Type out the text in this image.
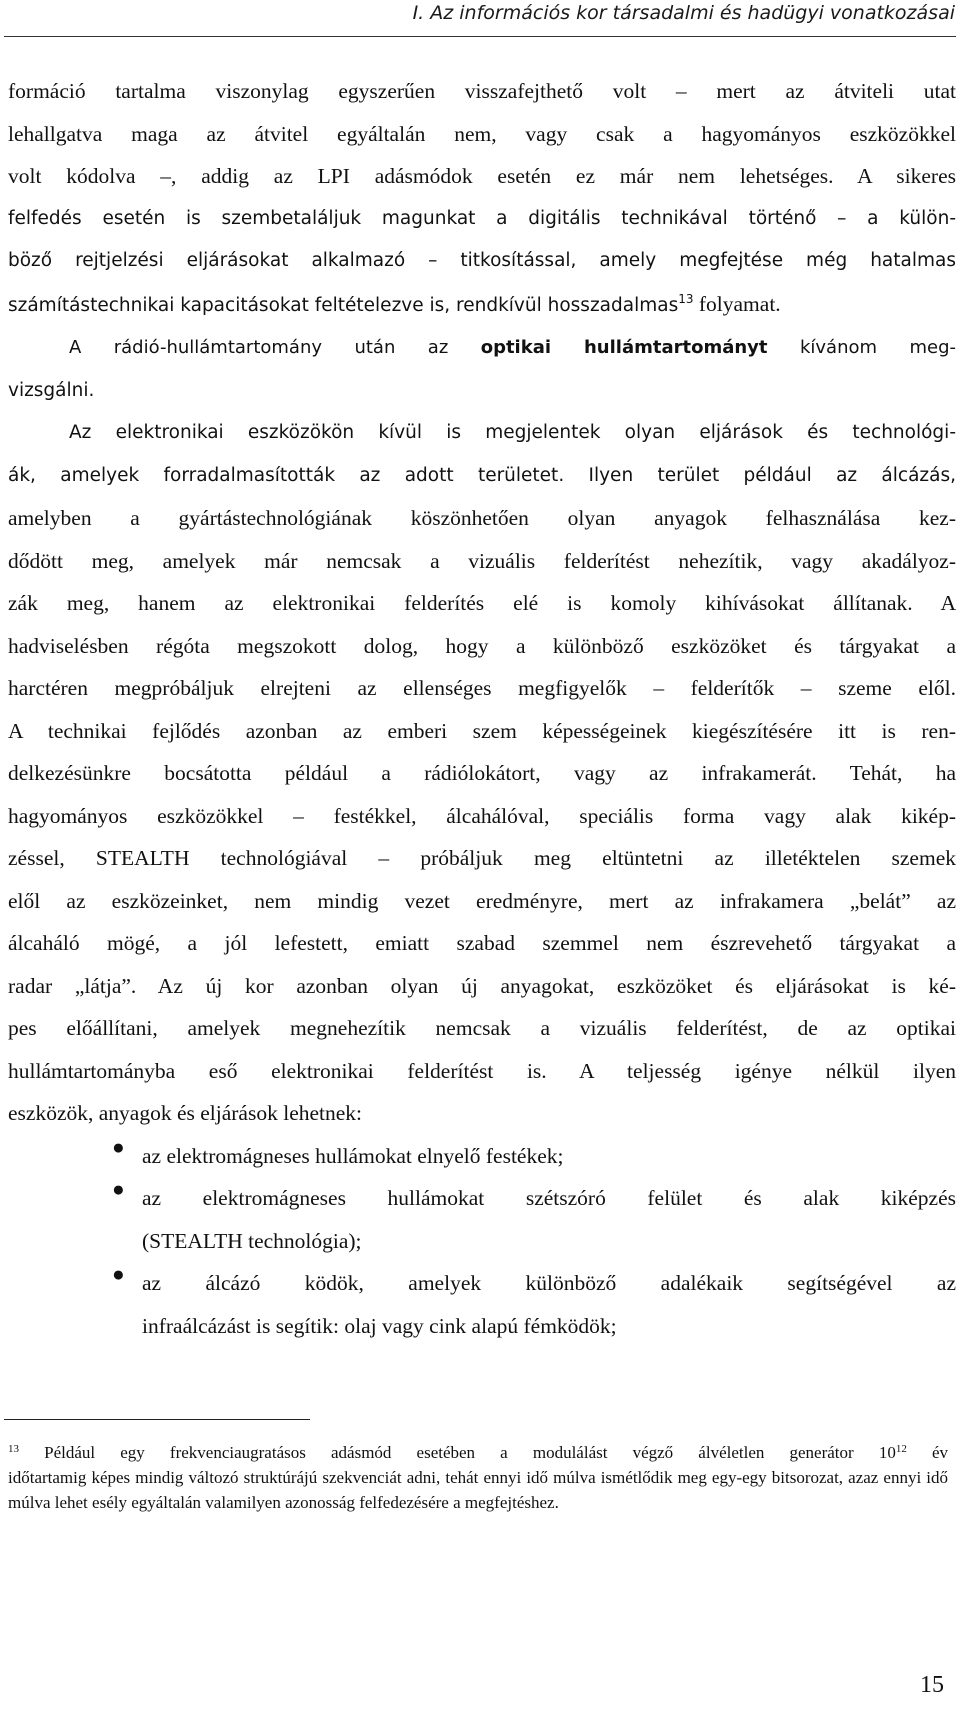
I. Az információs kor társadalmi és hadügyi vonatkozásai
formáció tartalma viszonylag egyszerűen visszafejthető volt – mert az átviteli utat
lehallgatva maga az átvitel egyáltalán nem, vagy csak a hagyományos eszközökkel
volt kódolva –, addig az LPI adásmódok esetén ez már nem lehetséges. A sikeres
felfedés esetén is szembetaláljuk magunkat a digitális technikával történő – a külön-
böző rejtjelzési eljárásokat alkalmazó – titkosítással, amely megfejtése még hatalmas
számítástechnikai kapacitásokat feltételezve is, rendkívül hosszadalmas$^{13}$ folyamat.
A rádió-hullámtartomány után az optikai hullámtartományt kívánom meg-
vizsgálni.
Az elektronikai eszközökön kívül is megjelentek olyan eljárások és technológi-
ák, amelyek forradalmasították az adott területet. Ilyen terület például az álcázás,
amelyben a gyártástechnológiának köszönhetően olyan anyagok felhasználása kez-
dődött meg, amelyek már nemcsak a vizuális felderítést nehezítik, vagy akadályoz-
zák meg, hanem az elektronikai felderítés elé is komoly kihívásokat állítanak. A
hadviselésben régóta megszokott dolog, hogy a különböző eszközöket és tárgyakat a
harctéren megpróbáljuk elrejteni az ellenséges megfigyelők – felderítők – szeme elől.
A technikai fejlődés azonban az emberi szem képességeinek kiegészítésére itt is ren-
delkezésünkre bocsátotta például a rádiólokátort, vagy az infrakamerát. Tehát, ha
hagyományos eszközökkel – festékkel, álcahálóval, speciális forma vagy alak kikép-
zéssel, STEALTH technológiával – próbáljuk meg eltüntetni az illetéktelen szemek
elől az eszközeinket, nem mindig vezet eredményre, mert az infrakamera „belát” az
álcaháló mögé, a jól lefestett, emiatt szabad szemmel nem észrevehető tárgyakat a
radar „látja”. Az új kor azonban olyan új anyagokat, eszközöket és eljárásokat is ké-
pes előállítani, amelyek megnehezítik nemcsak a vizuális felderítést, de az optikai
hullámtartományba eső elektronikai felderítést is. A teljesség igénye nélkül ilyen
eszközök, anyagok és eljárások lehetnek:
● az elektromágneses hullámokat elnyelő festékek;
● az elektromágneses hullámokat szétszóró felület és alak kiképzés
(STEALTH technológia);
● az álcázó ködök, amelyek különböző adalékaik segítségével az
infraálcázást is segítik: olaj vagy cink alapú fémködök;
$^{13}$ Például egy frekvenciaugratásos adásmód esetében a modulálást végző álvéletlen generátor $10^{12}$ év
időtartamig képes mindig változó struktúrájú szekvenciát adni, tehát ennyi idő múlva ismétlődik meg egy-egy bitsorozat, azaz ennyi idő múlva lehet esély egyáltalán valamilyen azonosság felfedezésére a megfejtéshez.
15
